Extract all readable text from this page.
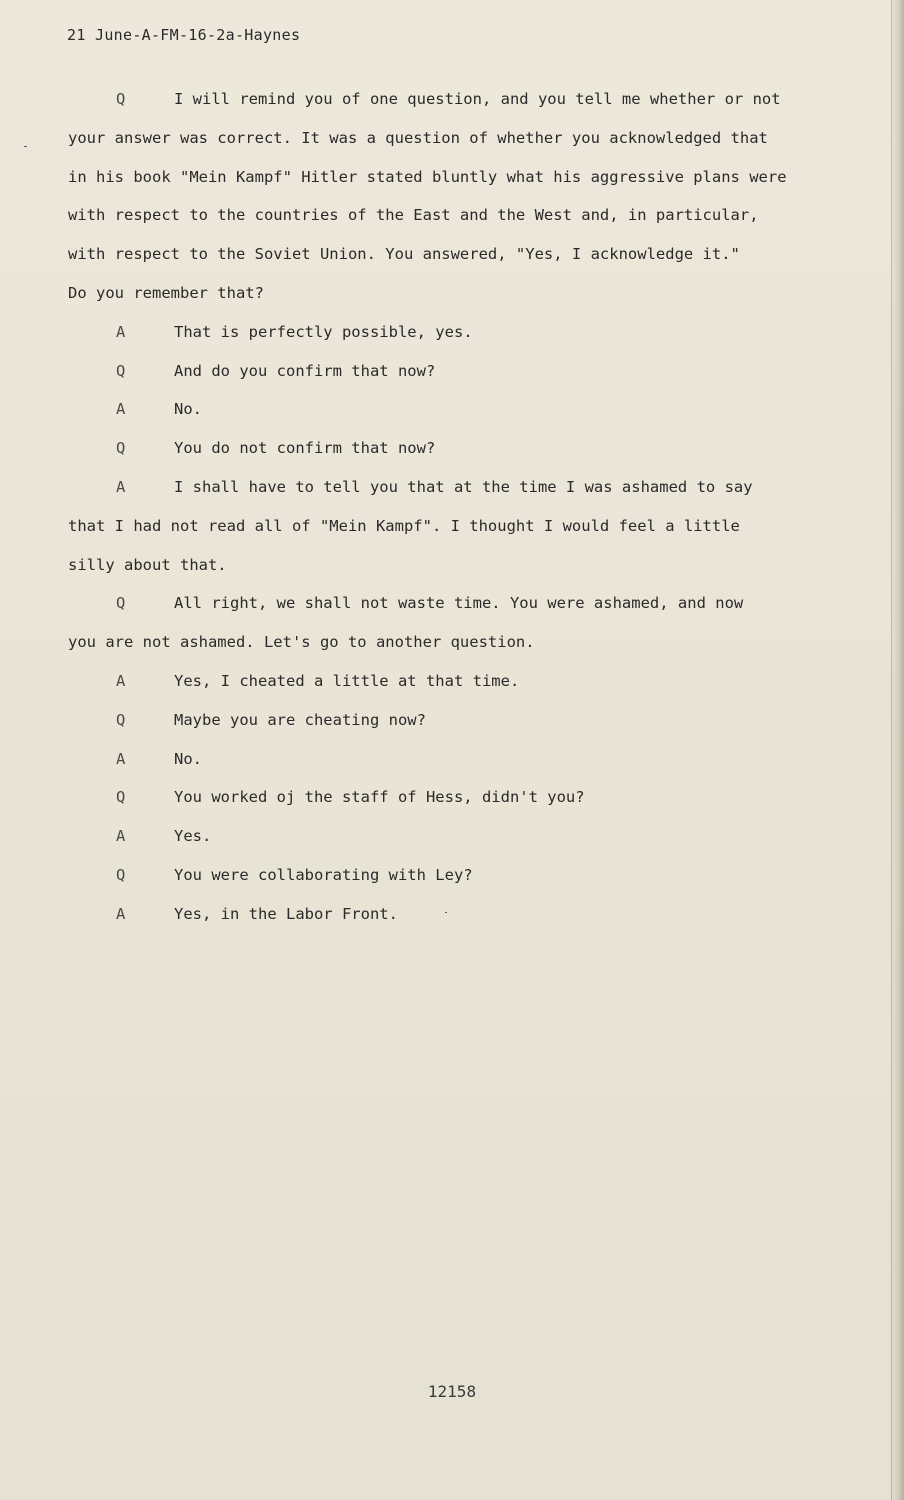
21 June-A-FM-16-2a-Haynes
Q	I will remind you of one question, and you tell me whether or not
your answer was correct. It was a question of whether you acknowledged that
in his book "Mein Kampf" Hitler stated bluntly what his aggressive plans were
with respect to the countries of the East and the West and, in particular,
with respect to the Soviet Union. You answered, "Yes, I acknowledge it."
Do you remember that?
A	That is perfectly possible, yes.
Q	And do you confirm that now?
A	No.
Q	You do not confirm that now?
A	I shall have to tell you that at the time I was ashamed to say
that I had not read all of "Mein Kampf". I thought I would feel a little
silly about that.
Q	All right, we shall not waste time. You were ashamed, and now
you are not ashamed. Let's go to another question.
A	Yes, I cheated a little at that time.
Q	Maybe you are cheating now?
A	No.
Q	You worked oj the staff of Hess, didn't you?
A	Yes.
Q	You were collaborating with Ley?
A	Yes, in the Labor Front.
12158
